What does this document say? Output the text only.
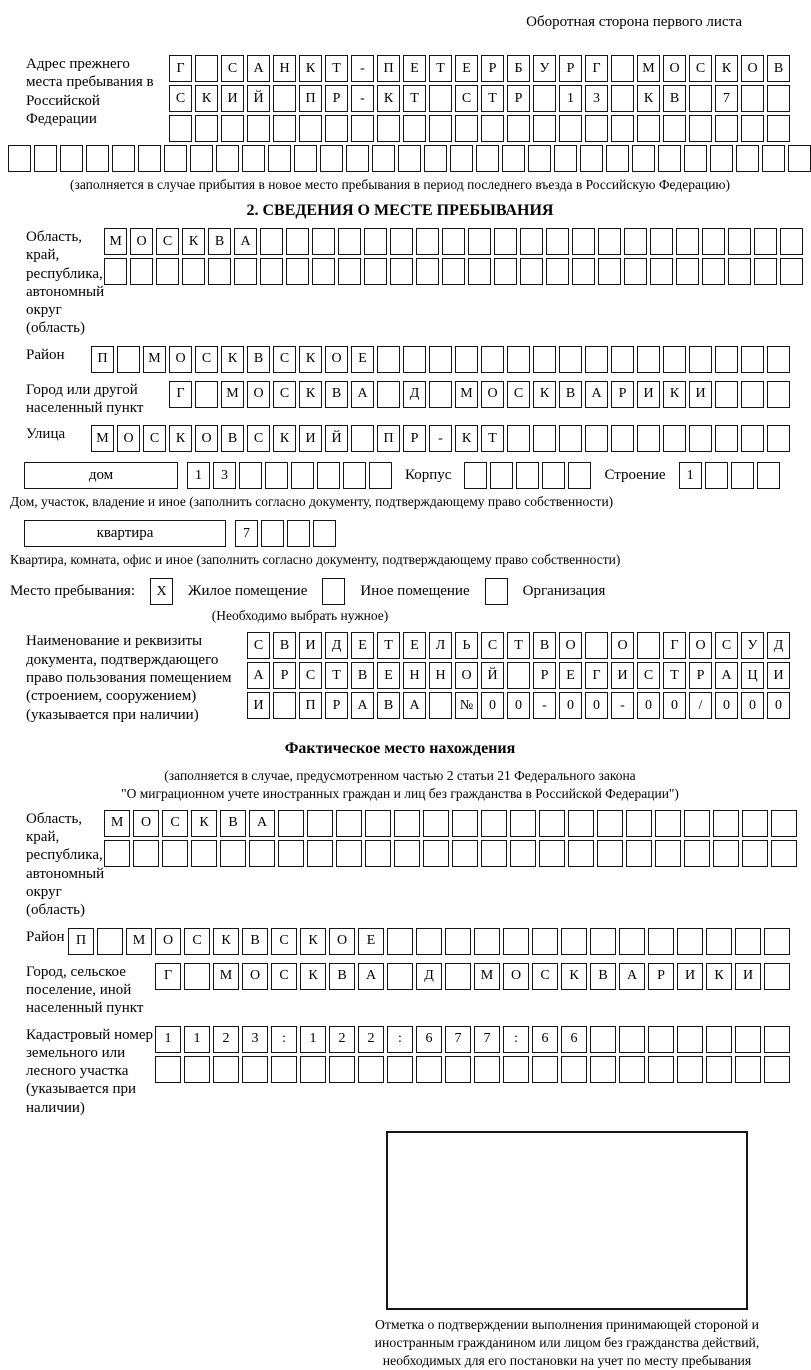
Оборотная сторона первого листа
Адрес прежнего места пребывания в Российской Федерации
Г	С	А	Н	К	Т	-	П	Е	Т	Е	Р	Б	У	Р	Г	М	О	С	К	О	В
С	К	И	Й	П	Р	-	К	Т	С	Т	Р	1	3	К	В	7
(заполняется в случае прибытия в новое место пребывания в период последнего въезда в Российскую Федерацию)
2. СВЕДЕНИЯ О МЕСТЕ ПРЕБЫВАНИЯ
Область, край, республика, автономный округ (область)
М	О	С	К	В	А
Район	П	М	О	С	К	В	С	К	О	Е
Город или другой населенный пункт
Г	М	О	С	К	В	А	Д	М	О	С	К	В	А	Р	И	К	И
Улица	М	О	С	К	О	В	С	К	И	Й	П	Р	-	К	Т
дом	1	3	Корпус	Строение	1
Дом, участок, владение и иное (заполнить согласно документу, подтверждающему право собственности)
квартира	7
Квартира, комната, офис и иное (заполнить согласно документу, подтверждающему право собственности)
Место пребывания:	X	Жилое помещение	Иное помещение	Организация
(Необходимо выбрать нужное)
Наименование и реквизиты документа, подтверждающего право пользования помещением (строением, сооружением) (указывается при наличии)
С	В	И	Д	Е	Т	Е	Л	Ь	С	Т	В	О	О	Г	О	С	У	Д
А	Р	С	Т	В	Е	Н	Н	О	Й	Р	Е	Г	И	С	Т	Р	А	Ц	И
И	П	Р	А	В	А	№	0	0	-	0	0	-	0	0	/	0	0	0
Фактическое место нахождения
(заполняется в случае, предусмотренном частью 2 статьи 21 Федерального закона
"О миграционном учете иностранных граждан и лиц без гражданства в Российской Федерации")
Область, край, республика, автономный округ (область)
М	О	С	К	В	А
Район П	М	О	С	К	В	С	К	О	Е
Город, сельское поселение, иной населенный пункт
Г	М	О	С	К	В	А	Д	М	О	С	К	В	А	Р	И	К	И
Кадастровый номер земельного или лесного участка (указывается при наличии)
1	1	2	3	:	1	2	2	:	6	7	7	:	6	6
Отметка о подтверждении выполнения принимающей стороной и иностранным гражданином или лицом без гражданства действий, необходимых для его постановки на учет по месту пребывания
